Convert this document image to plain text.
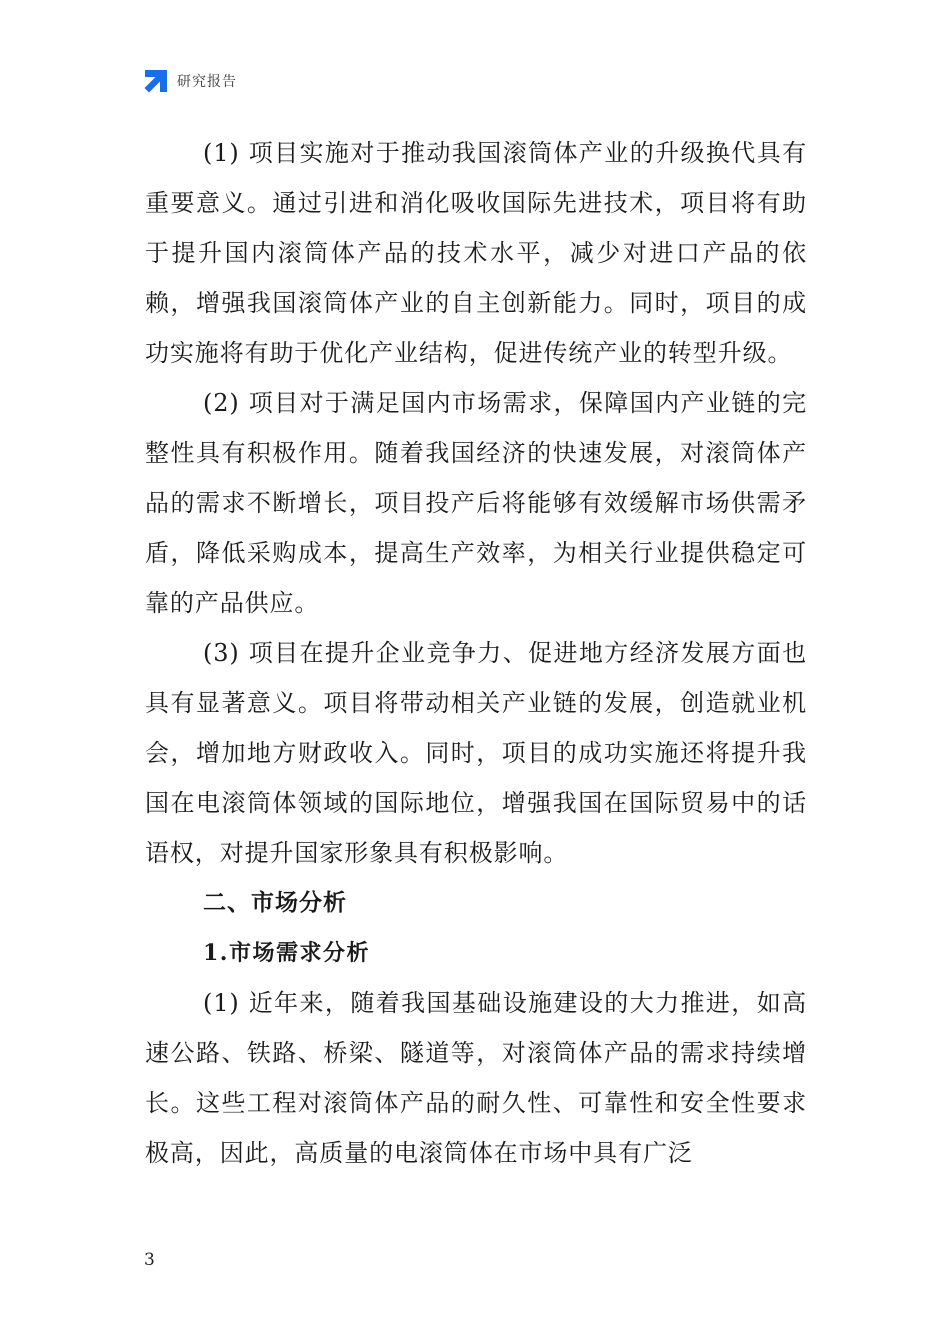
研究报告

(1) 项目实施对于推动我国滚筒体产业的升级换代具有重要意义。通过引进和消化吸收国际先进技术，项目将有助于提升国内滚筒体产品的技术水平，减少对进口产品的依赖，增强我国滚筒体产业的自主创新能力。同时，项目的成功实施将有助于优化产业结构，促进传统产业的转型升级。

(2) 项目对于满足国内市场需求，保障国内产业链的完整性具有积极作用。随着我国经济的快速发展，对滚筒体产品的需求不断增长，项目投产后将能够有效缓解市场供需矛盾，降低采购成本，提高生产效率，为相关行业提供稳定可靠的产品供应。

(3) 项目在提升企业竞争力、促进地方经济发展方面也具有显著意义。项目将带动相关产业链的发展，创造就业机会，增加地方财政收入。同时，项目的成功实施还将提升我国在电滚筒体领域的国际地位，增强我国在国际贸易中的话语权，对提升国家形象具有积极影响。

二、市场分析
1.市场需求分析

(1) 近年来，随着我国基础设施建设的大力推进，如高速公路、铁路、桥梁、隧道等，对滚筒体产品的需求持续增长。这些工程对滚筒体产品的耐久性、可靠性和安全性要求极高，因此，高质量的电滚筒体在市场中具有广泛

3
